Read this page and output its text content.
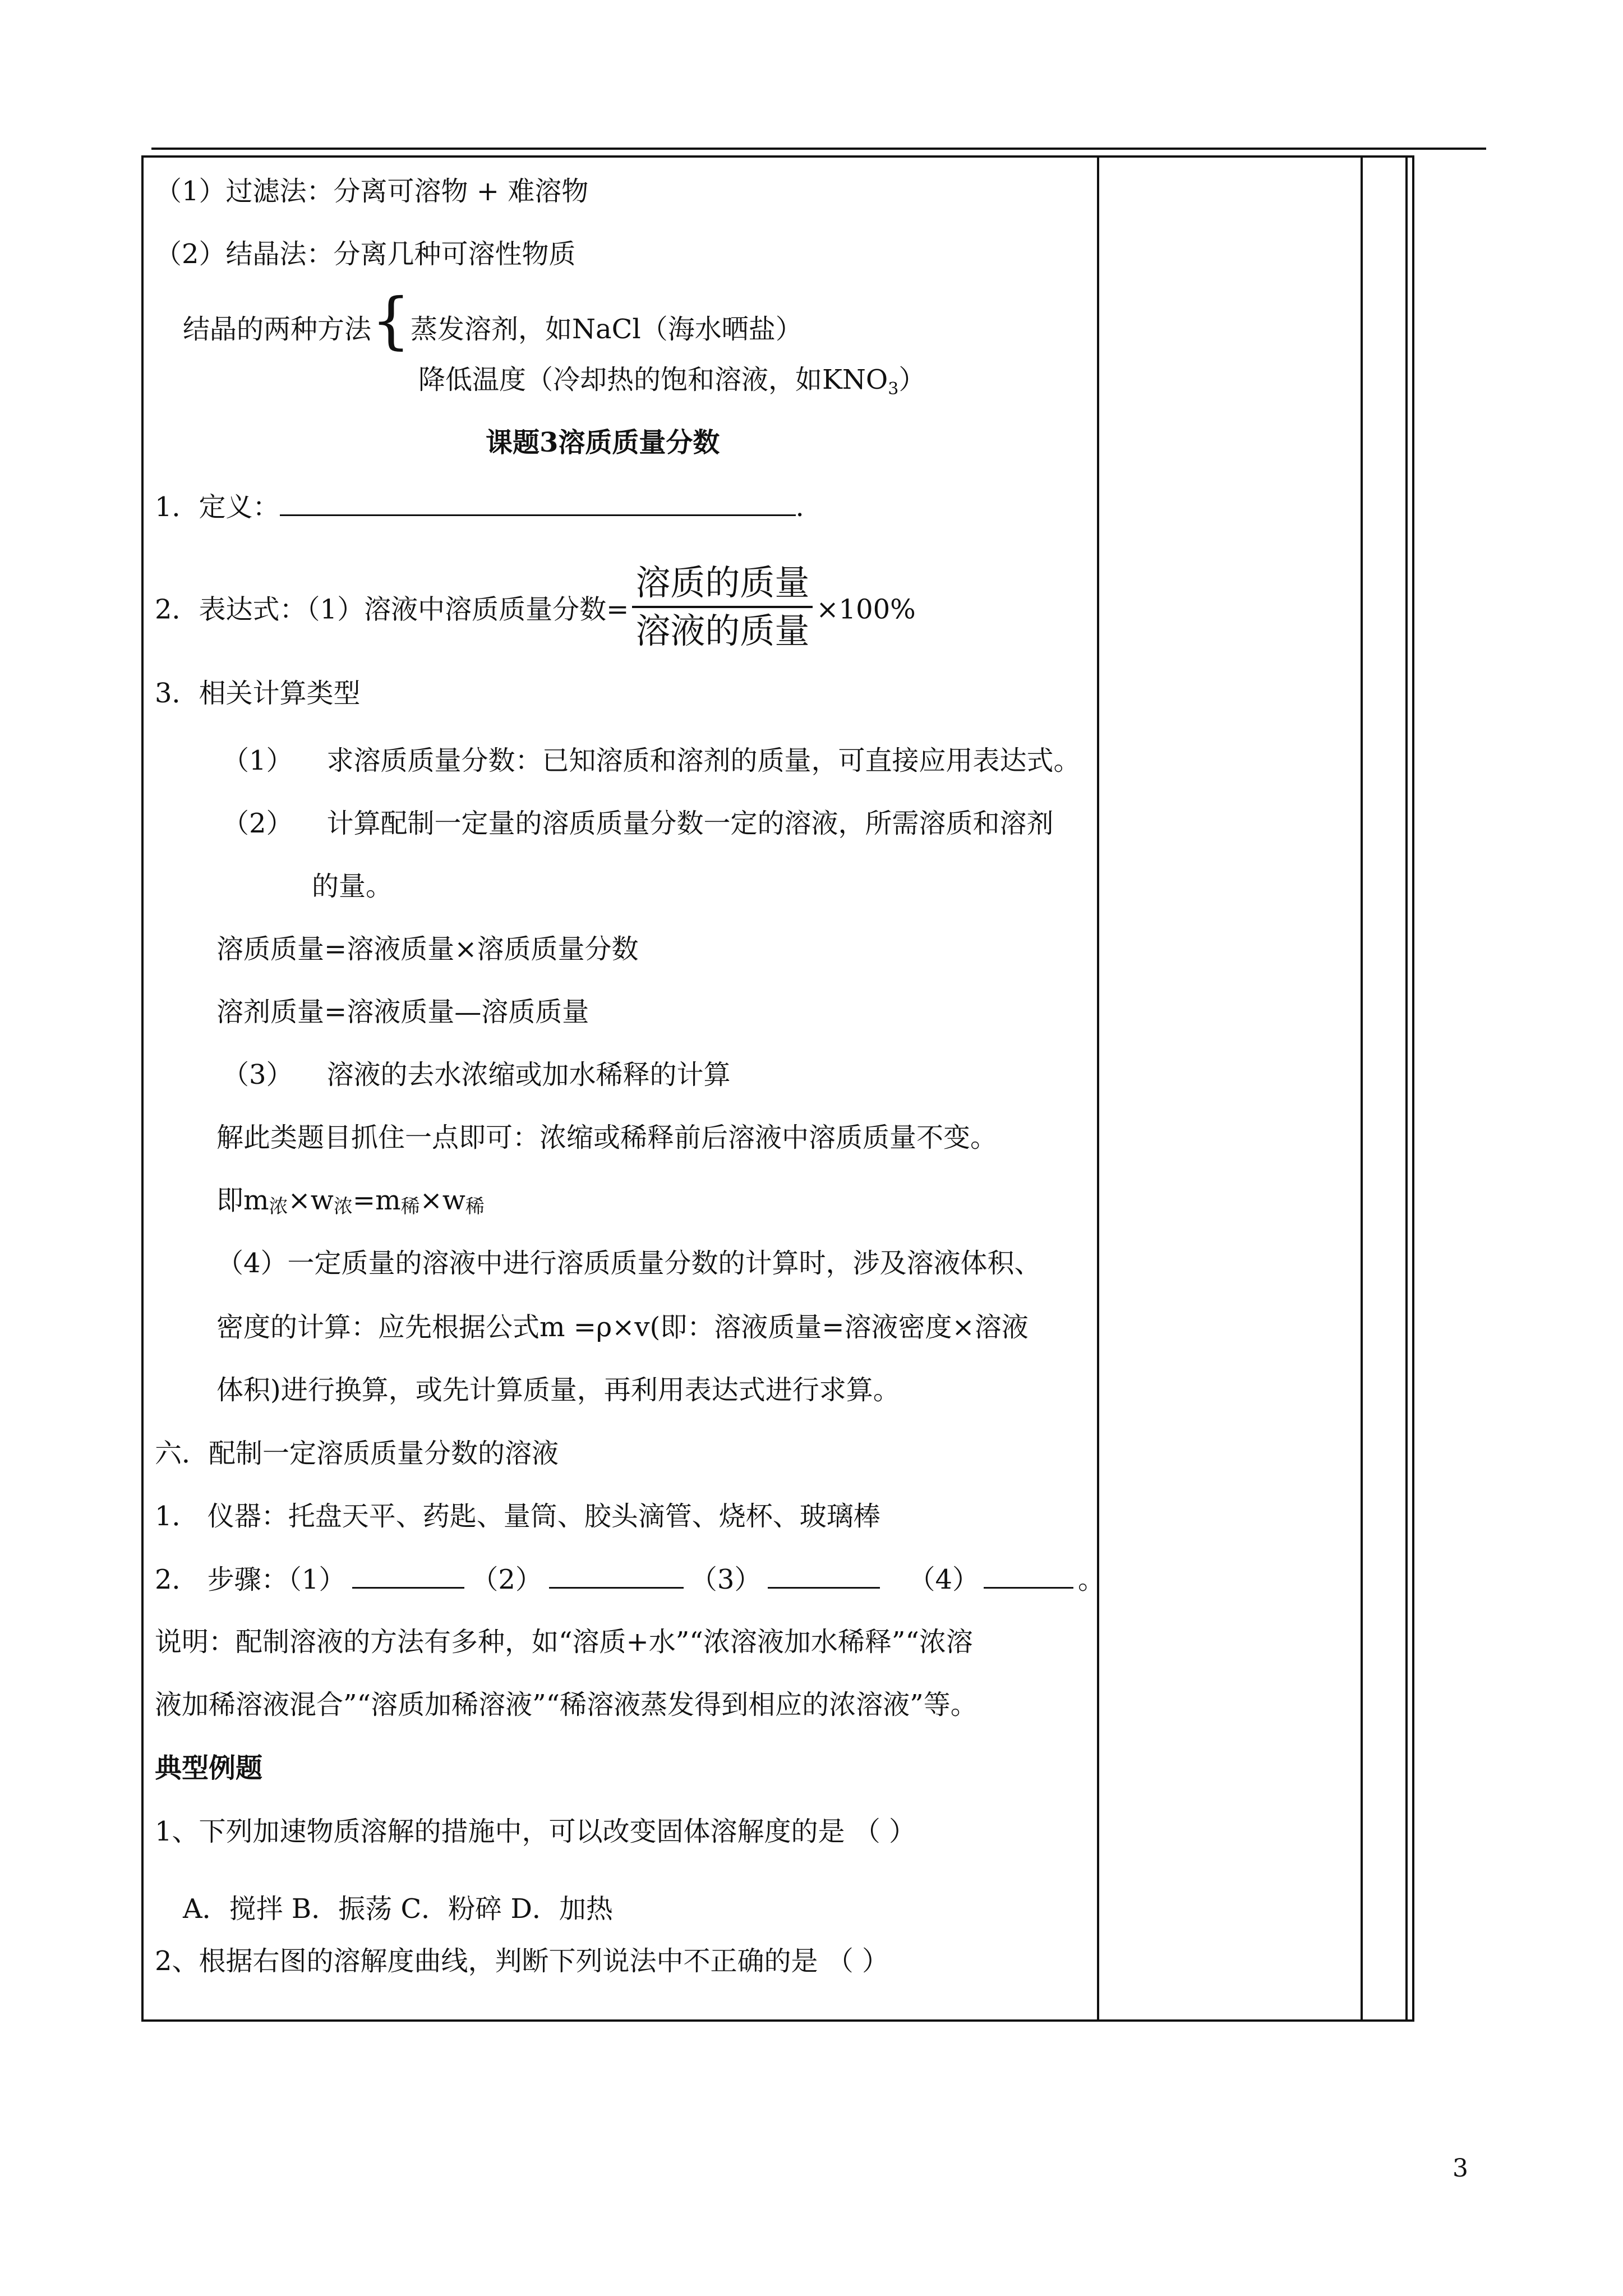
（1）过滤法：分离可溶物 + 难溶物
（2）结晶法：分离几种可溶性物质
结晶的两种方法{蒸发溶剂，如NaCl（海水晒盐）
降低温度（冷却热的饱和溶液，如$KNO_3$）
课题3溶质质量分数
1．定义：	.
2．表达式：（1）溶液中溶质质量分数= $\frac{\text{溶质的质量}}{\text{溶液的质量}} \times 100\%$
3．相关计算类型
（1） 求溶质质量分数：已知溶质和溶剂的质量，可直接应用表达式。
（2） 计算配制一定量的溶质质量分数一定的溶液，所需溶质和溶剂
的量。
溶质质量=溶液质量×溶质质量分数
溶剂质量=溶液质量—溶质质量
（3） 溶液的去水浓缩或加水稀释的计算
解此类题目抓住一点即可：浓缩或稀释前后溶液中溶质质量不变。
即m浓×w浓=m稀×w稀
（4）一定质量的溶液中进行溶质质量分数的计算时，涉及溶液体积、
密度的计算：应先根据公式m =ρ×v(即：溶液质量=溶液密度×溶液
体积)进行换算，或先计算质量，再利用表达式进行求算。
六．配制一定溶质质量分数的溶液
1． 仪器：托盘天平、药匙、量筒、胶头滴管、烧杯、玻璃棒
2． 步骤：（1）	（2）	（3）	（4）	。
说明：配制溶液的方法有多种，如“溶质+水”“浓溶液加水稀释”“浓溶
液加稀溶液混合”“溶质加稀溶液”“稀溶液蒸发得到相应的浓溶液”等。
典型例题
1、下列加速物质溶解的措施中，可以改变固体溶解度的是 （ ）
A．搅拌 B．振荡 C．粉碎 D．加热
2、根据右图的溶解度曲线，判断下列说法中不正确的是 （ ）
3
